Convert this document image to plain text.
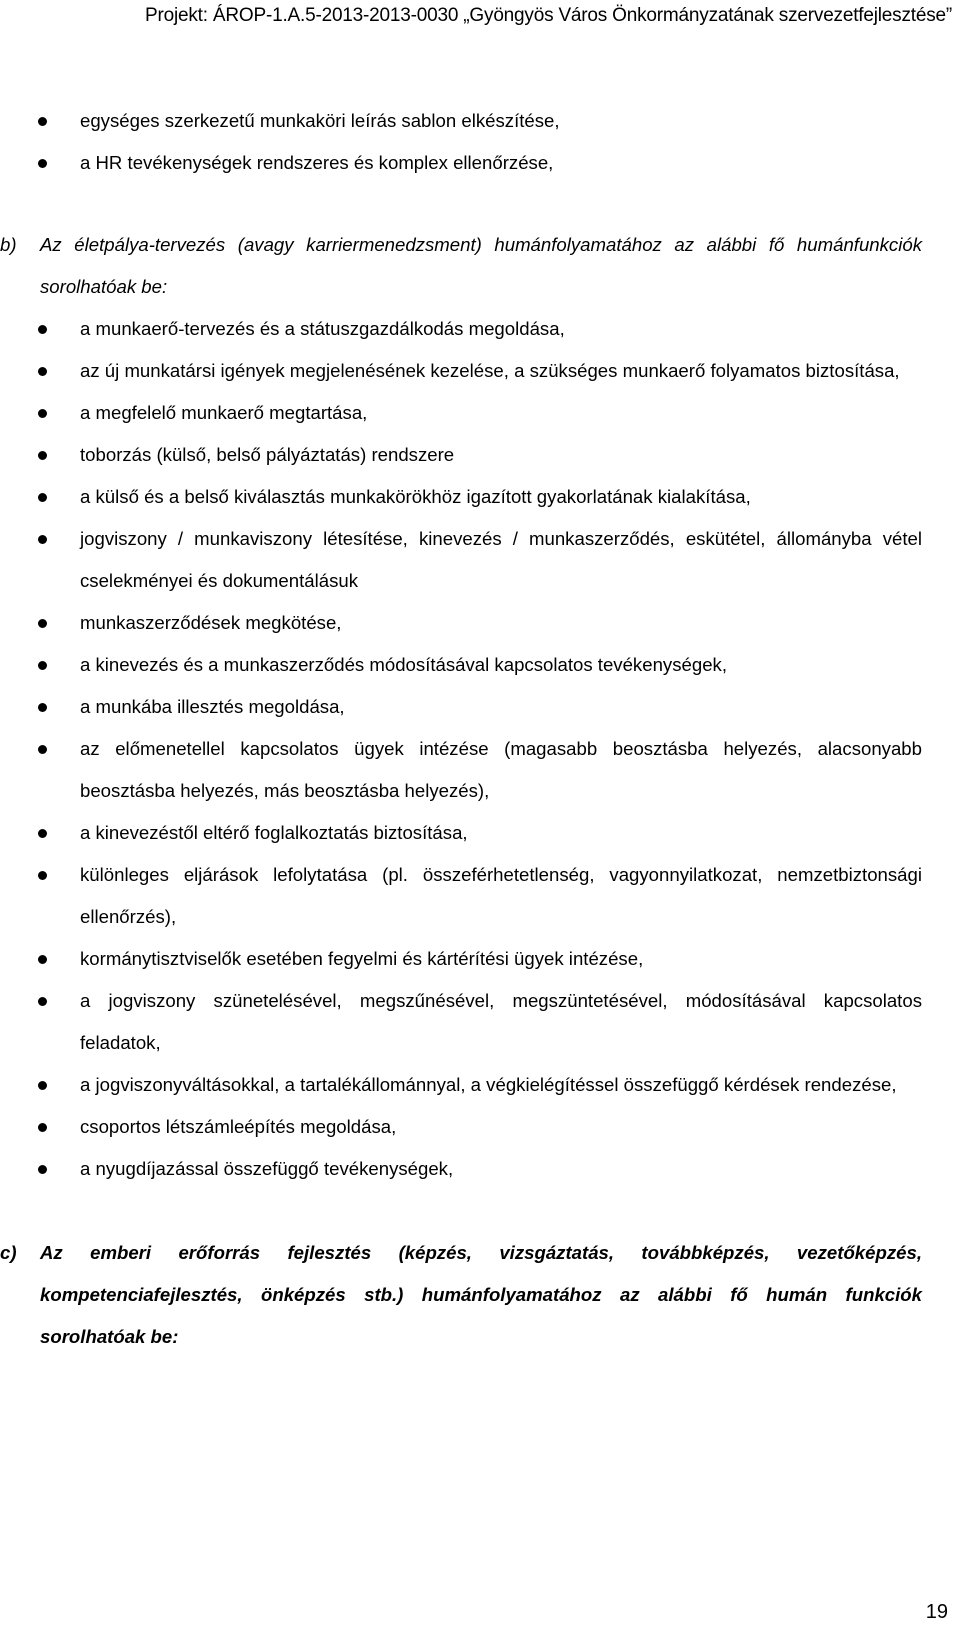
Projekt: ÁROP-1.A.5-2013-2013-0030 „Gyöngyös Város Önkormányzatának szervezetfejlesztése”
egységes szerkezetű munkaköri leírás sablon elkészítése,
a HR tevékenységek rendszeres és komplex ellenőrzése,

b) Az életpálya-tervezés (avagy karriermenedzsment) humánfolyamatához az alábbi fő humánfunkciók sorolhatóak be:

a munkaerő-tervezés és a státuszgazdálkodás megoldása,
az új munkatársi igények megjelenésének kezelése, a szükséges munkaerő folyamatos biztosítása,
a megfelelő munkaerő megtartása,
toborzás (külső, belső pályáztatás) rendszere
a külső és a belső kiválasztás munkakörökhöz igazított gyakorlatának kialakítása,
jogviszony / munkaviszony létesítése, kinevezés / munkaszerződés, eskütétel, állományba vétel cselekményei és dokumentálásuk
munkaszerződések megkötése,
a kinevezés és a munkaszerződés módosításával kapcsolatos tevékenységek,
a munkába illesztés megoldása,
az előmenetellel kapcsolatos ügyek intézése (magasabb beosztásba helyezés, alacsonyabb beosztásba helyezés, más beosztásba helyezés),
a kinevezéstől eltérő foglalkoztatás biztosítása,
különleges eljárások lefolytatása (pl. összeférhetetlenség, vagyonnyilatkozat, nemzetbiztonsági ellenőrzés),
kormánytisztviselők esetében fegyelmi és kártérítési ügyek intézése,
a jogviszony szünetelésével, megszűnésével, megszüntetésével, módosításával kapcsolatos feladatok,
a jogviszonyváltásokkal, a tartalékállománnyal, a végkielégítéssel összefüggő kérdések rendezése,
csoportos létszámleépítés megoldása,
a nyugdíjazással összefüggő tevékenységek,

c) Az emberi erőforrás fejlesztés (képzés, vizsgáztatás, továbbképzés, vezetőképzés, kompetenciafejlesztés, önképzés stb.) humánfolyamatához az alábbi fő humán funkciók sorolhatóak be:

19
